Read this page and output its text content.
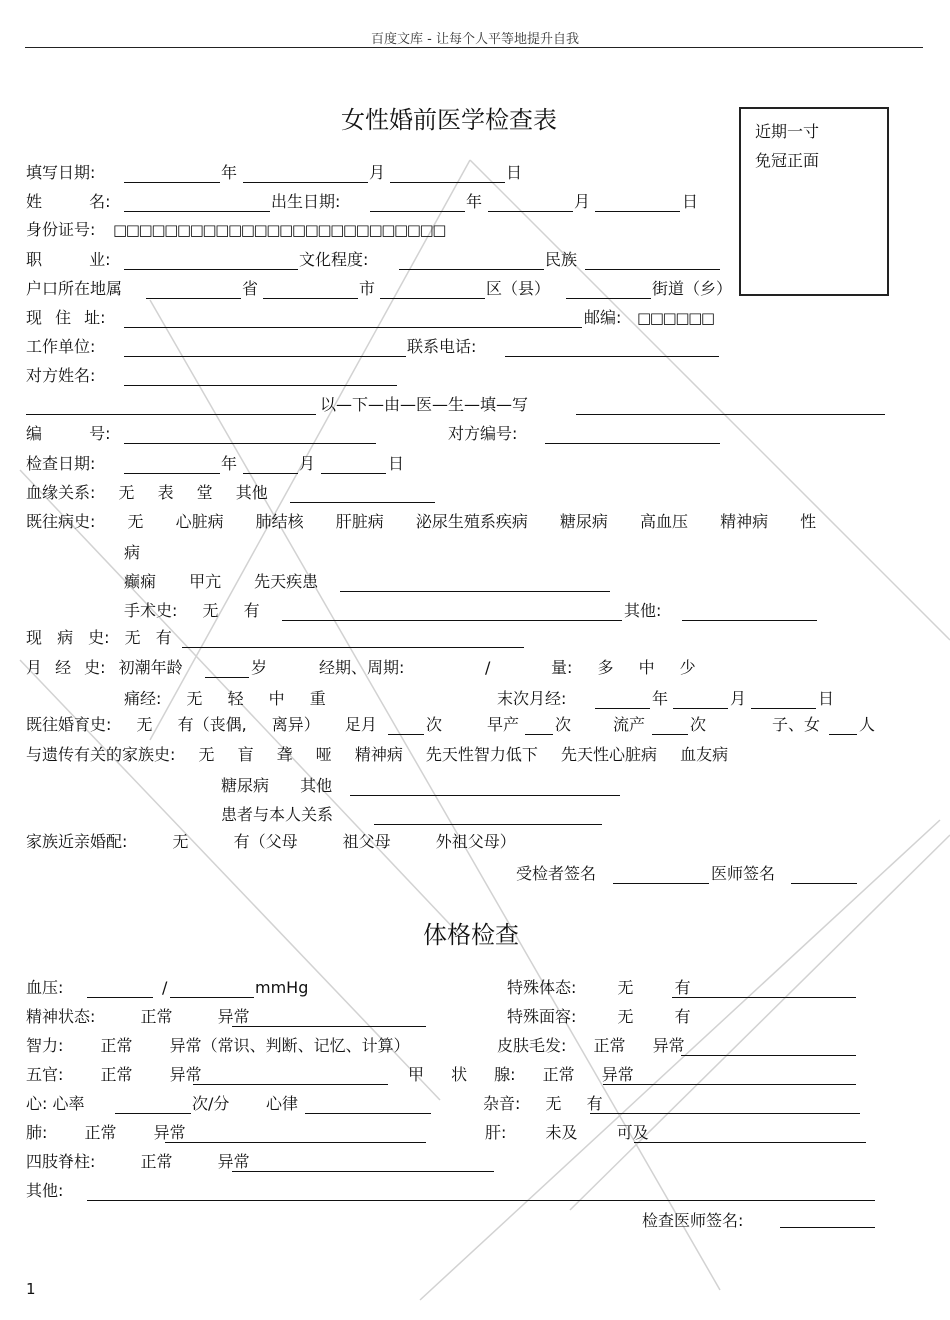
百度文库 - 让每个人平等地提升自我
女性婚前医学检查表	近期一寸
免冠正面
填写日期:	年	月	日
姓 名:	出生日期:	年	月	日
身份证号: □□□□□□□□□□□□□□□□□□□□□□□□□□
职 业:	文化程度:	民族
户口所在地属	省	市	区（县）	街道（乡）
现 住 址:	邮编: □□□□□□
工作单位:	联系电话:
对方姓名:
以—下—由—医—生—填—写
编 号:	对方编号:
检查日期:	年	月	日
血缘关系: 无 表 堂 其他
既往病史: 无 心脏病 肺结核 肝脏病 泌尿生殖系疾病 糖尿病 高血压 精神病 性
病
癫痫 甲亢 先天疾患
手术史: 无 有	其他:
现 病 史: 无 有
月 经 史: 初潮年龄	岁	经期、周期:	/	量: 多 中 少
痛经: 无 轻 中 重	末次月经:	年	月	日
既往婚育史: 无 有（丧偶, 离异） 足月	次	早产 次	流产	次	子、女 人
与遗传有关的家族史: 无 盲 聋 哑 精神病 先天性智力低下 先天性心脏病 血友病
糖尿病 其他
患者与本人关系
家族近亲婚配: 无 有（父母 祖父母 外祖父母）
受检者签名	医师签名
体格检查
血压:	/	mmHg	特殊体态: 无 有
精神状态: 正常 异常	特殊面容: 无 有
智力: 正常 异常（常识、判断、记忆、计算）	皮肤毛发: 正常 异常
五官: 正常 异常	甲 状 腺: 正常 异常
心: 心率	次/分 心律	杂音: 无 有
肺: 正常 异常	肝: 未及 可及
四肢脊柱: 正常 异常
其他:
检查医师签名:
1
